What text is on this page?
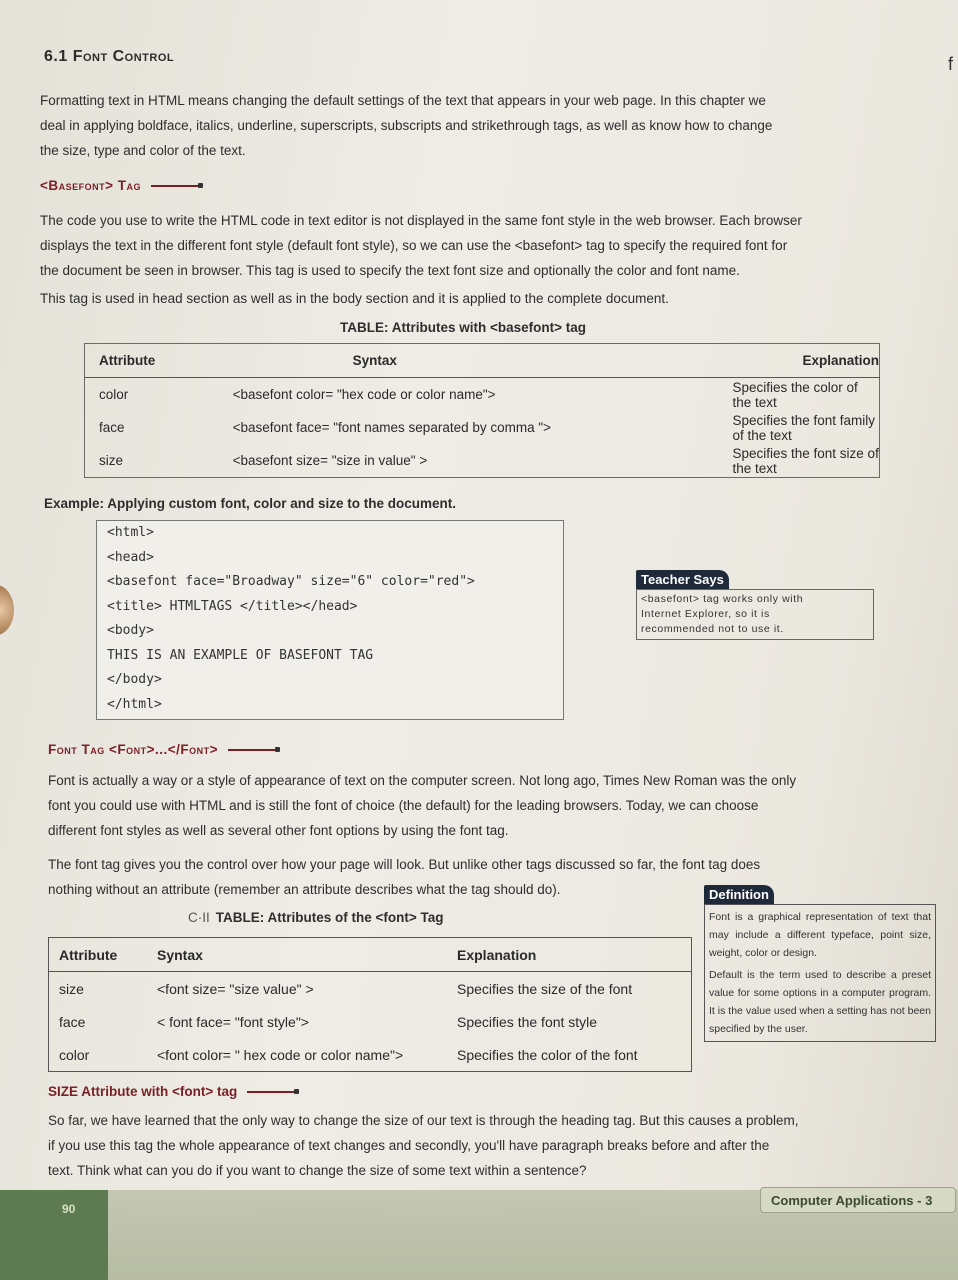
f
6.1 Font Control
Formatting text in HTML means changing the default settings of the text that appears in your web page. In this chapter we
deal in applying boldface, italics, underline, superscripts, subscripts and strikethrough tags, as well as know how to change
the size, type and color of the text.
<Basefont> Tag
The code you use to write the HTML code in text editor is not displayed in the same font style in the web browser. Each browser
displays the text in the different font style (default font style), so we can use the <basefont> tag to specify the required font for
the document be seen in browser. This tag is used to specify the text font size and optionally the color and font name.
This tag is used in head section as well as in the body section and it is applied to the complete document.
TABLE: Attributes with <basefont> tag
Attribute	Syntax	Explanation
color	<basefont color= "hex code or color name">	Specifies the color of the text
face	<basefont face= "font names separated by comma ">	Specifies the font family of the text
size	<basefont size= "size in value" >	Specifies the font size of the text
Example: Applying custom font, color and size to the document.
<html>
<head>
<basefont face="Broadway" size="6" color="red">
<title> HTMLTAGS </title></head>
<body>
THIS IS AN EXAMPLE OF BASEFONT TAG
</body>
</html>
Teacher Says
<basefont> tag works only with
Internet Explorer, so it is
recommended not to use it.
Font Tag <Font>...</Font>
Font is actually a way or a style of appearance of text on the computer screen. Not long ago, Times New Roman was the only
font you could use with HTML and is still the font of choice (the default) for the leading browsers. Today, we can choose
different font styles as well as several other font options by using the font tag.
The font tag gives you the control over how your page will look. But unlike other tags discussed so far, the font tag does
nothing without an attribute (remember an attribute describes what the tag should do).
C·II TABLE: Attributes of the <font> Tag
Attribute	Syntax	Explanation
size	<font size= "size value" >	Specifies the size of the font
face	< font face= "font style">	Specifies the font style
color	<font color= " hex code or color name">	Specifies the color of the font
Definition
Font is a graphical representation of text that may include a different typeface, point size, weight, color or design.
Default is the term used to describe a preset value for some options in a computer program. It is the value used when a setting has not been specified by the user.
SIZE Attribute with <font> tag
So far, we have learned that the only way to change the size of our text is through the heading tag. But this causes a problem,
if you use this tag the whole appearance of text changes and secondly, you'll have paragraph breaks before and after the
text. Think what can you do if you want to change the size of some text within a sentence?
90
Computer Applications - 3
